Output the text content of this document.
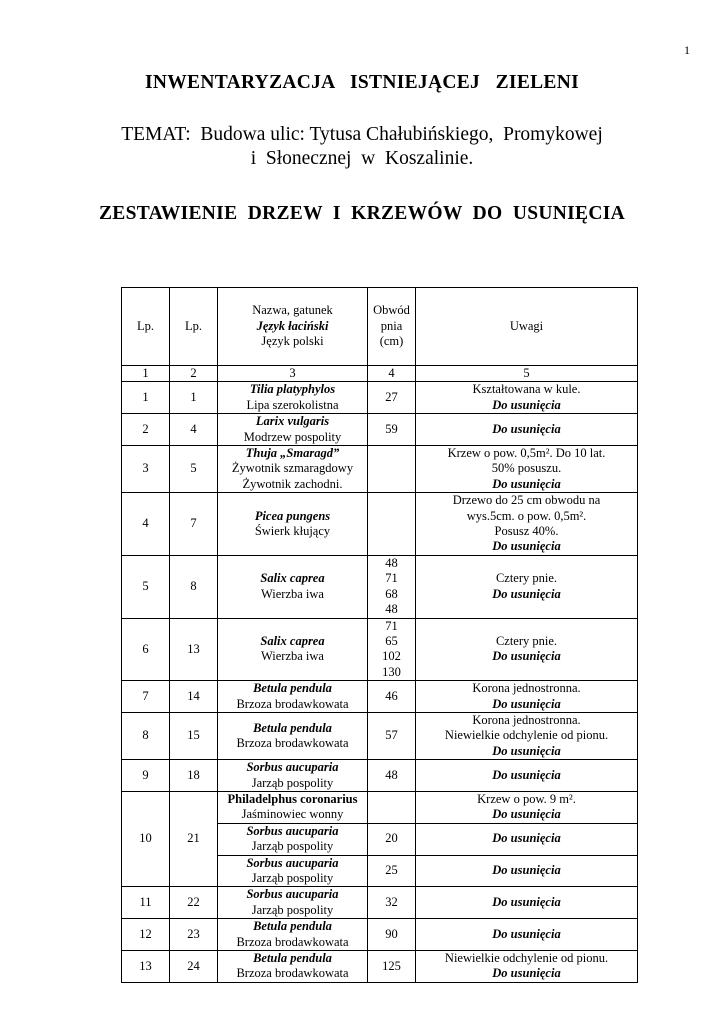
1
INWENTARYZACJA   ISTNIEJĄCEJ   ZIELENI
TEMAT:  Budowa ulic: Tytusa Chałubińskiego,  Promykowej
i  Słonecznej  w  Koszalinie.
ZESTAWIENIE  DRZEW  I  KRZEWÓW  DO  USUNIĘCIA
Lp.	Lp.	Nazwa, gatunek
Język łaciński
Język polski	Obwód
pnia
(cm)	Uwagi
1	2	3	4	5
1	1	Tilia platyphylos
Lipa szerokolistna	27	Kształtowana w kule.
Do usunięcia

2	4	Larix vulgaris
Modrzew pospolity	59	Do usunięcia

3	5	Thuja „Smaragd”
Żywotnik szmaragdowy
Żywotnik zachodni.		Krzew o pow. 0,5m². Do 10 lat.
50% posuszu.
Do usunięcia

4	7	Picea pungens
Świerk kłujący		Drzewo do 25 cm obwodu na
wys.5cm. o pow. 0,5m².
Posusz 40%.
Do usunięcia

5	8	Salix caprea
Wierzba iwa	48
71
68
48	Cztery pnie.
Do usunięcia

6	13	Salix caprea
Wierzba iwa	71
65
102
130	Cztery pnie.
Do usunięcia

7	14	Betula pendula
Brzoza brodawkowata	46	Korona jednostronna.
Do usunięcia

8	15	Betula pendula
Brzoza brodawkowata	57	Korona jednostronna.
Niewielkie odchylenie od pionu.
Do usunięcia

9	18	Sorbus aucuparia
Jarząb pospolity	48	Do usunięcia

10	21	Philadelphus coronarius
Jaśminowiec wonny		Krzew o pow. 9 m².
Do usunięcia

		Sorbus aucuparia
Jarząb pospolity	20	Do usunięcia

		Sorbus aucuparia
Jarząb pospolity	25	Do usunięcia

11	22	Sorbus aucuparia
Jarząb pospolity	32	Do usunięcia

12	23	Betula pendula
Brzoza brodawkowata	90	Do usunięcia

13	24	Betula pendula
Brzoza brodawkowata	125	Niewielkie odchylenie od pionu.
Do usunięcia
